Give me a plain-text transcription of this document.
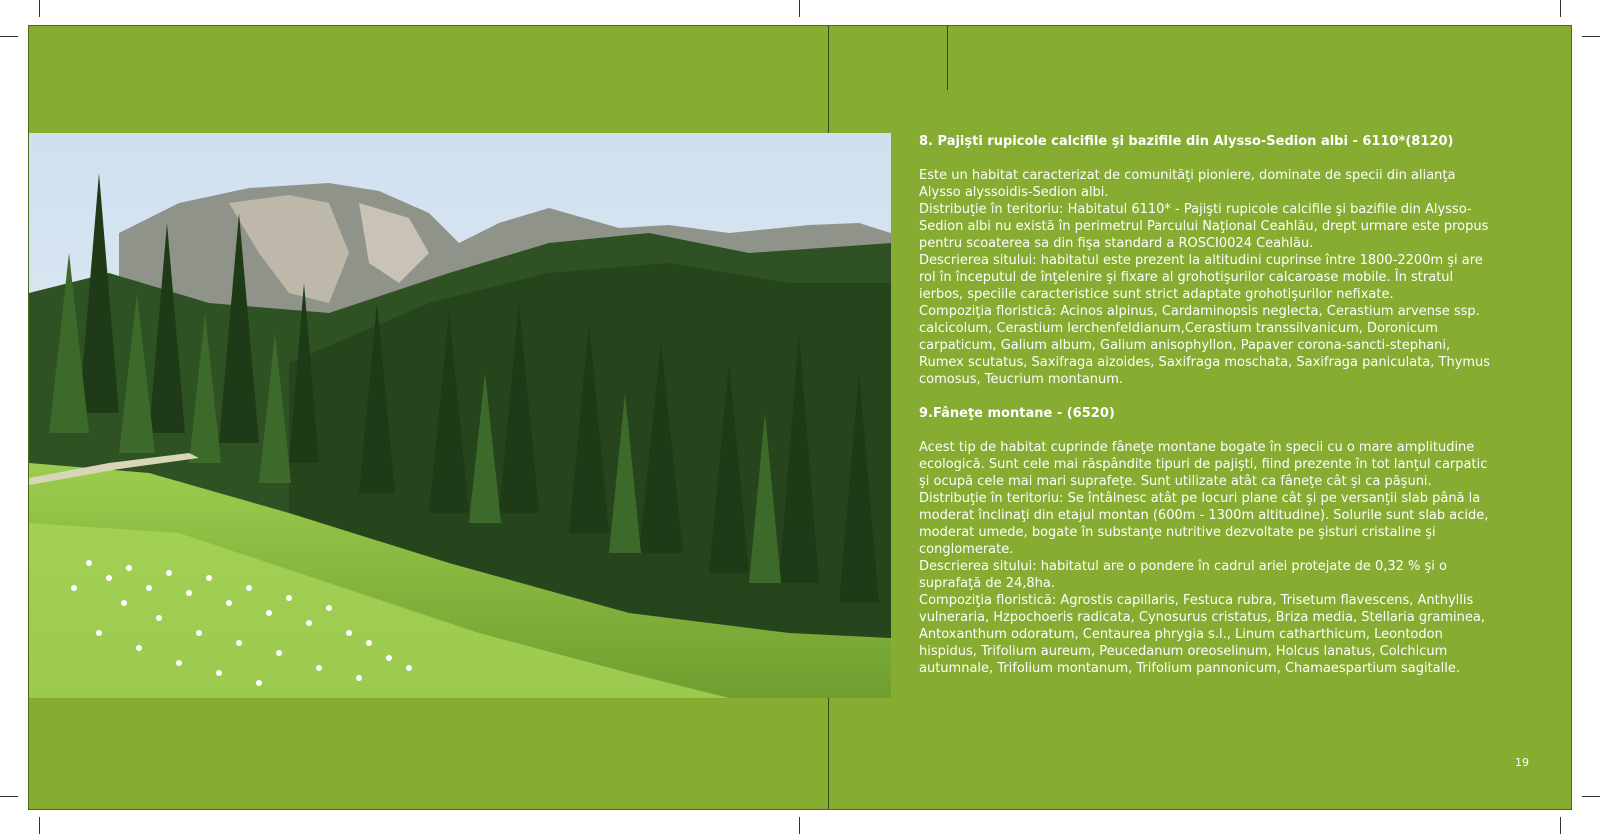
8. Pajişti rupicole calcifile şi bazifile din Alysso-Sedion albi - 6110*(8120)

Este un habitat caracterizat de comunităţi pioniere, dominate de specii din alianţa Alysso alyssoidis-Sedion albi.

Distribuţie în teritoriu: Habitatul 6110* - Pajişti rupicole calcifile şi bazifile din Alysso-Sedion albi nu există în perimetrul Parcului Naţional Ceahlău, drept urmare este propus pentru scoaterea sa din fişa standard a ROSCI0024 Ceahlău.

Descrierea sitului: habitatul este prezent la altitudini cuprinse între 1800-2200m şi are rol în începutul de înţelenire şi fixare al grohotişurilor calcaroase mobile. În stratul ierbos, speciile caracteristice sunt strict adaptate grohotişurilor nefixate.

Compoziţia floristică: Acinos alpinus, Cardaminopsis neglecta, Cerastium arvense ssp. calcicolum, Cerastium lerchenfeldianum,Cerastium transsilvanicum, Doronicum carpaticum, Galium album, Galium anisophyllon, Papaver corona-sancti-stephani, Rumex scutatus, Saxifraga aizoides, Saxifraga moschata, Saxifraga paniculata, Thymus comosus, Teucrium montanum.

9.Fâneţe montane - (6520)

Acest tip de habitat cuprinde fâneţe montane bogate în specii cu o mare amplitudine ecologică. Sunt cele mai răspândite tipuri de pajişti, fiind prezente în tot lanţul carpatic şi ocupă cele mai mari suprafeţe. Sunt utilizate atât ca fâneţe cât şi ca păşuni.

Distribuţie în teritoriu: Se întâlnesc atât pe locuri plane cât şi pe versanţii slab până la moderat înclinaţi din etajul montan (600m - 1300m altitudine). Solurile sunt slab acide, moderat umede, bogate în substanţe nutritive dezvoltate pe şisturi cristaline şi conglomerate.

Descrierea sitului: habitatul are o pondere în cadrul ariei protejate de 0,32 % şi o suprafaţă de 24,8ha.

Compoziţia floristică: Agrostis capillaris, Festuca rubra, Trisetum flavescens, Anthyllis vulneraria, Hzpochoeris radicata, Cynosurus cristatus, Briza media, Stellaria graminea, Antoxanthum odoratum, Centaurea phrygia s.l., Linum catharthicum, Leontodon hispidus, Trifolium aureum, Peucedanum oreoselinum, Holcus lanatus, Colchicum autumnale, Trifolium montanum, Trifolium pannonicum, Chamaespartium sagitalle.

19
